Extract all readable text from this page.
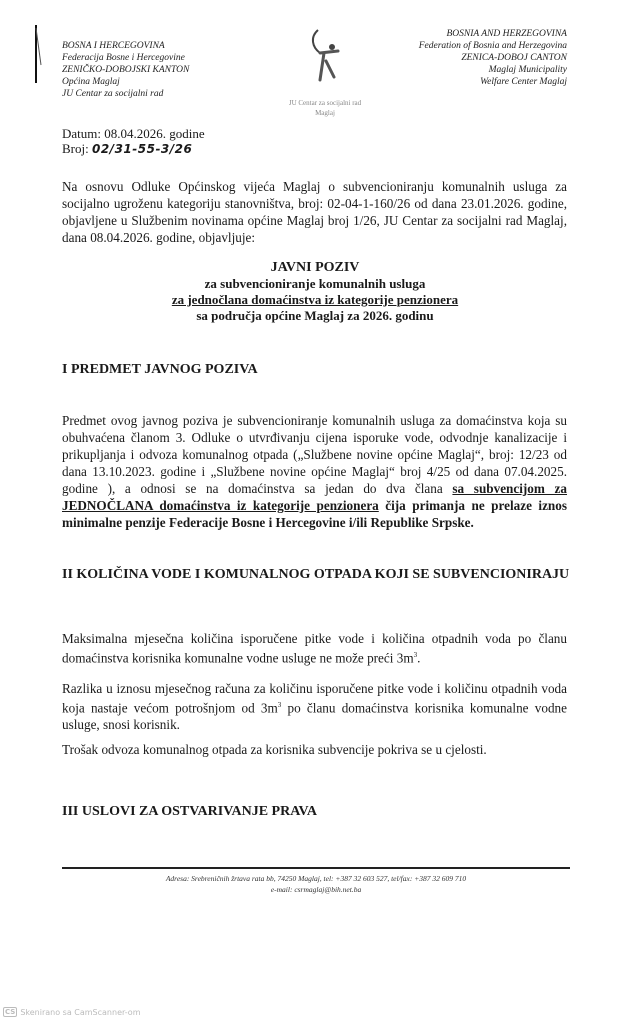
BOSNA I HERCEGOVINA
Federacija Bosne i Hercegovine
ZENIČKO-DOBOJSKI KANTON
Općina Maglaj
JU Centar za socijalni rad
JU Centar za socijalni rad
Maglaj
BOSNIA AND HERZEGOVINA
Federation of Bosnia and Herzegovina
ZENICA-DOBOJ CANTON
Maglaj Municipality
Welfare Center Maglaj
Datum: 08.04.2026. godine
Broj: 02/31-55-3/26
Na osnovu Odluke Općinskog vijeća Maglaj o subvencioniranju komunalnih usluga za socijalno ugroženu kategoriju stanovništva, broj: 02-04-1-160/26 od dana 23.01.2026. godine, objavljene u Službenim novinama općine Maglaj broj 1/26, JU Centar za socijalni rad Maglaj, dana 08.04.2026. godine, objavljuje:
JAVNI POZIV
za subvencioniranje komunalnih usluga
za jednočlana domaćinstva iz kategorije penzionera
sa područja općine Maglaj za 2026. godinu
I PREDMET JAVNOG POZIVA
Predmet ovog javnog poziva je subvencioniranje komunalnih usluga za domaćinstva koja su obuhvaćena članom 3. Odluke o utvrđivanju cijena isporuke vode, odvodnje kanalizacije i prikupljanja i odvoza komunalnog otpada („Službene novine općine Maglaj“, broj: 12/23 od dana 13.10.2023. godine i „Službene novine općine Maglaj“ broj 4/25 od dana 07.04.2025. godine ), a odnosi se na domaćinstva sa jedan do dva člana sa subvencijom za JEDNOČLANA domaćinstva iz kategorije penzionera čija primanja ne prelaze iznos minimalne penzije Federacije Bosne i Hercegovine i/ili Republike Srpske.
II KOLIČINA VODE I KOMUNALNOG OTPADA KOJI SE SUBVENCIONIRAJU
Maksimalna mjesečna količina isporučene pitke vode i količina otpadnih voda po članu domaćinstva korisnika komunalne vodne usluge ne može preći $3m^3$.
Razlika u iznosu mjesečnog računa za količinu isporučene pitke vode i količinu otpadnih voda koja nastaje većom potrošnjom od $3m^3$ po članu domaćinstva korisnika komunalne vodne usluge, snosi korisnik.
Trošak odvoza komunalnog otpada za korisnika subvencije pokriva se u cjelosti.
III USLOVI ZA OSTVARIVANJE PRAVA
Adresa: Srebreničnih žrtava rata bb, 74250 Maglaj, tel: +387 32 603 527, tel/fax: +387 32 609 710
e-mail: csrmaglaj@bih.net.ba
CS Skenirano sa CamScanner-om
